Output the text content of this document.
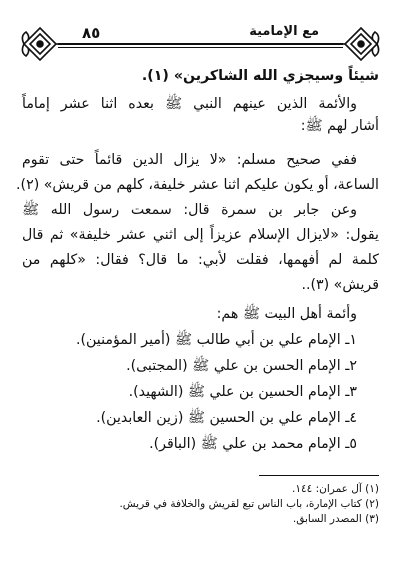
٨٥	مع الإمامية
شيئاً وسيجزي الله الشاكرين» (١).
والأئمة الذين عينهم النبي ﷺ بعده اثنا عشر إماماً
أشار لهم ﷺ:
ففي صحيح مسلم: «لا يزال الدين قائماً حتى تقوم
الساعة، أو يكون عليكم اثنا عشر خليفة، كلهم من قريش» (٢).
وعن جابر بن سمرة قال: سمعت رسول الله ﷺ
يقول: «لايزال الإسلام عزيزاً إلى اثني عشر خليفة» ثم قال
كلمة لم أفهمها، فقلت لأبي: ما قال؟ فقال: «كلهم من
قريش» (٣)..
وأئمة أهل البيت ﷺ هم:
١ـ الإمام علي بن أبي طالب ﷺ (أمير المؤمنين).
٢ـ الإمام الحسن بن علي ﷺ (المجتبى).
٣ـ الإمام الحسين بن علي ﷺ (الشهيد).
٤ـ الإمام علي بن الحسين ﷺ (زين العابدين).
٥ـ الإمام محمد بن علي ﷺ (الباقر).
(١) آل عمران: ١٤٤.
(٢) كتاب الإمارة، باب الناس تبع لقريش والخلافة في قريش.
(٣) المصدر السابق.
